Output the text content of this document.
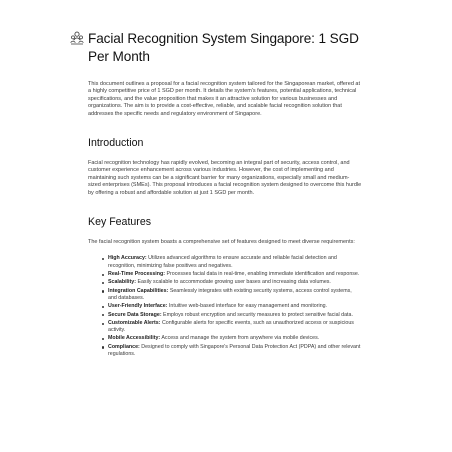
Facial Recognition System Singapore: 1 SGD Per Month

This document outlines a proposal for a facial recognition system tailored for the Singaporean market, offered at a highly competitive price of 1 SGD per month. It details the system's features, potential applications, technical specifications, and the value proposition that makes it an attractive solution for various businesses and organizations. The aim is to provide a cost-effective, reliable, and scalable facial recognition solution that addresses the specific needs and regulatory environment of Singapore.

Introduction

Facial recognition technology has rapidly evolved, becoming an integral part of security, access control, and customer experience enhancement across various industries. However, the cost of implementing and maintaining such systems can be a significant barrier for many organizations, especially small and medium-sized enterprises (SMEs). This proposal introduces a facial recognition system designed to overcome this hurdle by offering a robust and affordable solution at just 1 SGD per month.

Key Features

The facial recognition system boasts a comprehensive set of features designed to meet diverse requirements:

High Accuracy: Utilizes advanced algorithms to ensure accurate and reliable facial detection and recognition, minimizing false positives and negatives.
Real-Time Processing: Processes facial data in real-time, enabling immediate identification and response.
Scalability: Easily scalable to accommodate growing user bases and increasing data volumes.
Integration Capabilities: Seamlessly integrates with existing security systems, access control systems, and databases.
User-Friendly Interface: Intuitive web-based interface for easy management and monitoring.
Secure Data Storage: Employs robust encryption and security measures to protect sensitive facial data.
Customizable Alerts: Configurable alerts for specific events, such as unauthorized access or suspicious activity.
Mobile Accessibility: Access and manage the system from anywhere via mobile devices.
Compliance: Designed to comply with Singapore's Personal Data Protection Act (PDPA) and other relevant regulations.
